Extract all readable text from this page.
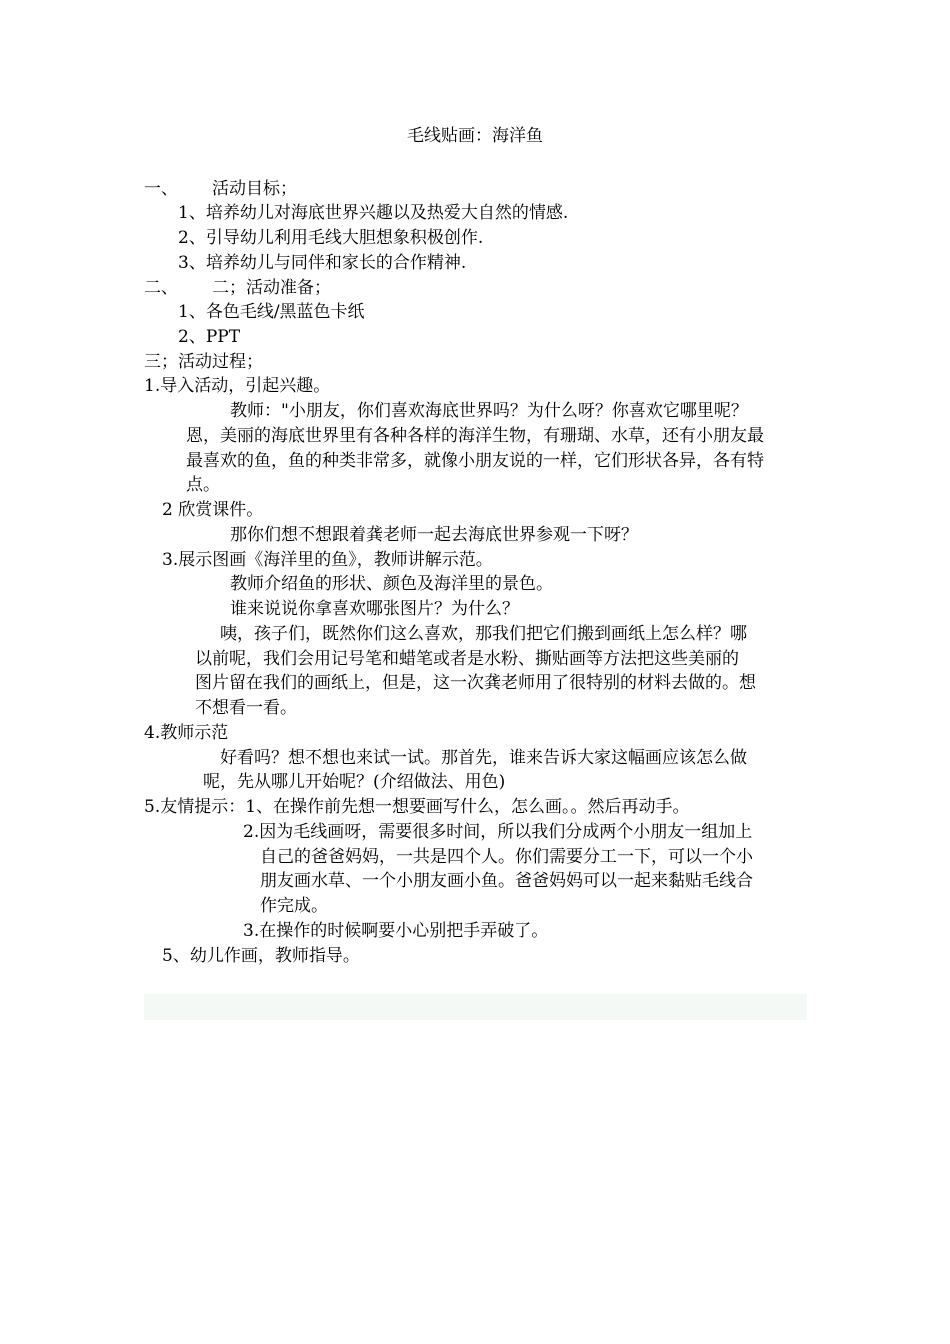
毛线贴画：海洋鱼
一、 活动目标；
1、培养幼儿对海底世界兴趣以及热爱大自然的情感.
2、引导幼儿利用毛线大胆想象积极创作.
3、培养幼儿与同伴和家长的合作精神.
二、 二；活动准备；
1、各色毛线/黑蓝色卡纸
2、PPT
三；活动过程；
1.导入活动，引起兴趣。
教师："小朋友，你们喜欢海底世界吗？为什么呀？你喜欢它哪里呢？
恩，美丽的海底世界里有各种各样的海洋生物，有珊瑚、水草，还有小朋友最
最喜欢的鱼，鱼的种类非常多，就像小朋友说的一样，它们形状各异，各有特
点。
2 欣赏课件。
那你们想不想跟着龚老师一起去海底世界参观一下呀？
3.展示图画《海洋里的鱼》，教师讲解示范。
教师介绍鱼的形状、颜色及海洋里的景色。
谁来说说你拿喜欢哪张图片？为什么？
咦，孩子们，既然你们这么喜欢，那我们把它们搬到画纸上怎么样？哪
以前呢，我们会用记号笔和蜡笔或者是水粉、撕贴画等方法把这些美丽的
图片留在我们的画纸上，但是，这一次龚老师用了很特别的材料去做的。想
不想看一看。
4.教师示范
好看吗？想不想也来试一试。那首先，谁来告诉大家这幅画应该怎么做
呢，先从哪儿开始呢？(介绍做法、用色)
5.友情提示：1、在操作前先想一想要画写什么，怎么画。。然后再动手。
2.因为毛线画呀，需要很多时间，所以我们分成两个小朋友一组加上
自己的爸爸妈妈，一共是四个人。你们需要分工一下，可以一个小
朋友画水草、一个小朋友画小鱼。爸爸妈妈可以一起来黏贴毛线合
作完成。
3.在操作的时候啊要小心别把手弄破了。
5、幼儿作画，教师指导。
